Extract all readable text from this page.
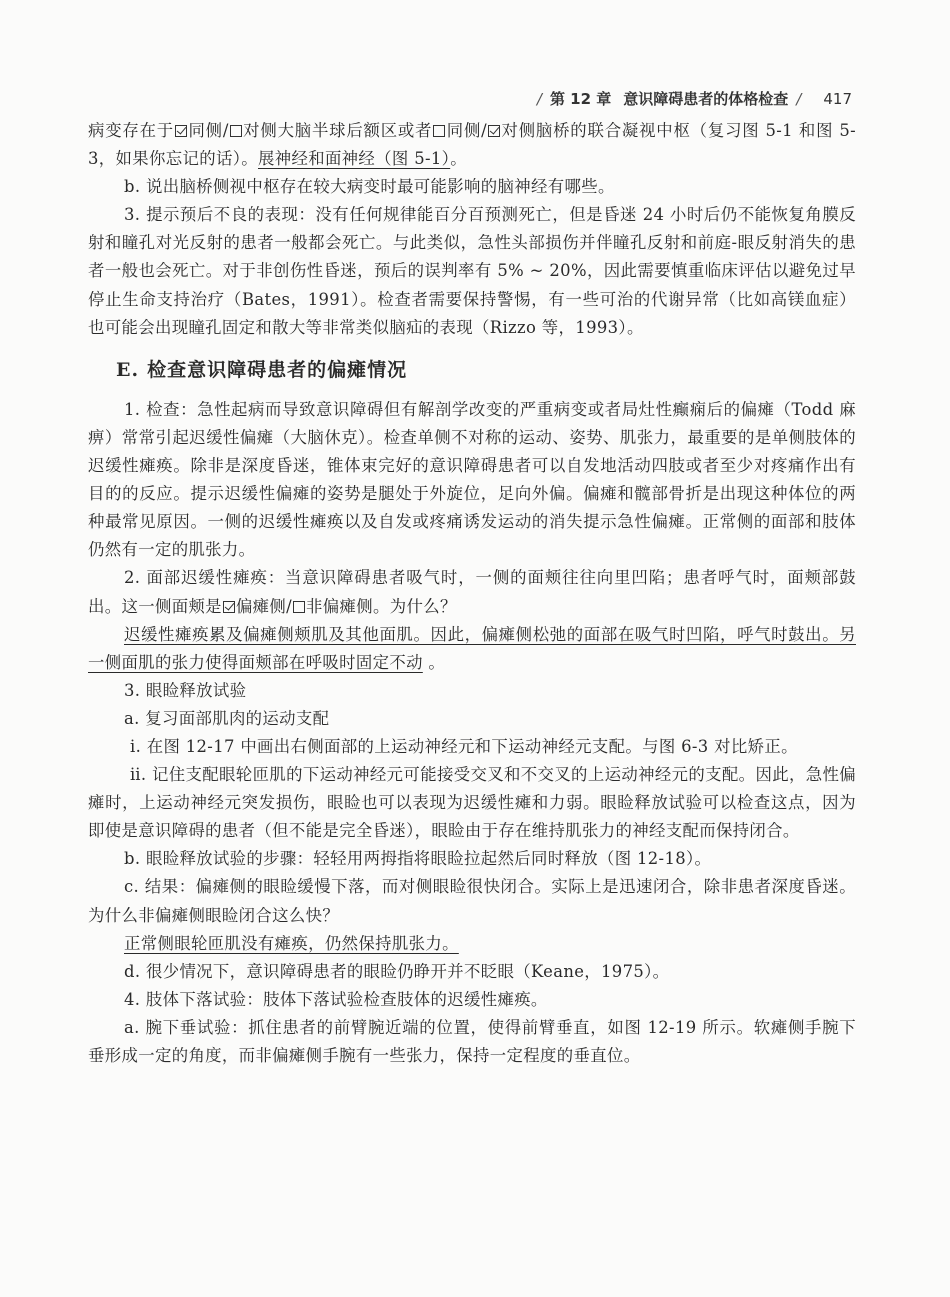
/ 第 12 章 意识障碍患者的体格检查 / 417

病变存在于 同侧/ 对侧大脑半球后额区或者 同侧/ 对侧脑桥的联合凝视中枢（复习图 5-1 和图 5-3，如果你忘记的话）。展神经和面神经（图 5-1）。

b. 说出脑桥侧视中枢存在较大病变时最可能影响的脑神经有哪些。

3. 提示预后不良的表现：没有任何规律能百分百预测死亡，但是昏迷 24 小时后仍不能恢复角膜反射和瞳孔对光反射的患者一般都会死亡。与此类似，急性头部损伤并伴瞳孔反射和前庭-眼反射消失的患者一般也会死亡。对于非创伤性昏迷，预后的误判率有 5% ~ 20%，因此需要慎重临床评估以避免过早停止生命支持治疗（Bates，1991）。检查者需要保持警惕，有一些可治的代谢异常（比如高镁血症）也可能会出现瞳孔固定和散大等非常类似脑疝的表现（Rizzo 等，1993）。

E. 检查意识障碍患者的偏瘫情况

1. 检查：急性起病而导致意识障碍但有解剖学改变的严重病变或者局灶性癫痫后的偏瘫（Todd 麻痹）常常引起迟缓性偏瘫（大脑休克）。检查单侧不对称的运动、姿势、肌张力，最重要的是单侧肢体的迟缓性瘫痪。除非是深度昏迷，锥体束完好的意识障碍患者可以自发地活动四肢或者至少对疼痛作出有目的的反应。提示迟缓性偏瘫的姿势是腿处于外旋位，足向外偏。偏瘫和髋部骨折是出现这种体位的两种最常见原因。一侧的迟缓性瘫痪以及自发或疼痛诱发运动的消失提示急性偏瘫。正常侧的面部和肢体仍然有一定的肌张力。

2. 面部迟缓性瘫痪：当意识障碍患者吸气时，一侧的面颊往往向里凹陷；患者呼气时，面颊部鼓出。这一侧面颊是 偏瘫侧/ 非偏瘫侧。为什么？

迟缓性瘫痪累及偏瘫侧颊肌及其他面肌。因此，偏瘫侧松弛的面部在吸气时凹陷，呼气时鼓出。另一侧面肌的张力使得面颊部在呼吸时固定不动 。

3. 眼睑释放试验

a. 复习面部肌肉的运动支配

ⅰ. 在图 12-17 中画出右侧面部的上运动神经元和下运动神经元支配。与图 6-3 对比矫正。

ⅱ. 记住支配眼轮匝肌的下运动神经元可能接受交叉和不交叉的上运动神经元的支配。因此，急性偏瘫时，上运动神经元突发损伤，眼睑也可以表现为迟缓性瘫和力弱。眼睑释放试验可以检查这点，因为即使是意识障碍的患者（但不能是完全昏迷），眼睑由于存在维持肌张力的神经支配而保持闭合。

b. 眼睑释放试验的步骤：轻轻用两拇指将眼睑拉起然后同时释放（图 12-18）。

c. 结果：偏瘫侧的眼睑缓慢下落，而对侧眼睑很快闭合。实际上是迅速闭合，除非患者深度昏迷。为什么非偏瘫侧眼睑闭合这么快？

正常侧眼轮匝肌没有瘫痪，仍然保持肌张力。

d. 很少情况下，意识障碍患者的眼睑仍睁开并不眨眼（Keane，1975）。

4. 肢体下落试验：肢体下落试验检查肢体的迟缓性瘫痪。

a. 腕下垂试验：抓住患者的前臂腕近端的位置，使得前臂垂直，如图 12-19 所示。软瘫侧手腕下垂形成一定的角度，而非偏瘫侧手腕有一些张力，保持一定程度的垂直位。
